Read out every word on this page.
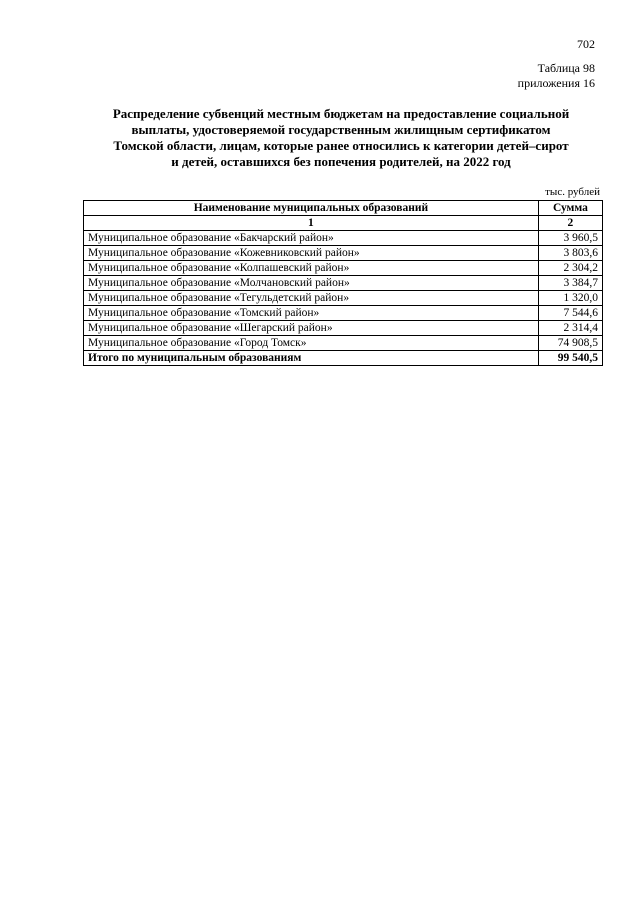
702
Таблица 98
приложения 16
Распределение субвенций местным бюджетам на предоставление социальной
выплаты, удостоверяемой государственным жилищным сертификатом
Томской области, лицам, которые ранее относились к категории детей–сирот
и детей, оставшихся без попечения родителей, на 2022 год
тыс. рублей
Наименование муниципальных образований	Сумма
1	2
Муниципальное образование «Бакчарский район»	3 960,5
Муниципальное образование «Кожевниковский район»	3 803,6
Муниципальное образование «Колпашевский район»	2 304,2
Муниципальное образование «Молчановский район»	3 384,7
Муниципальное образование «Тегульдетский район»	1 320,0
Муниципальное образование «Томский район»	7 544,6
Муниципальное образование «Шегарский район»	2 314,4
Муниципальное образование «Город Томск»	74 908,5
Итого по муниципальным образованиям	99 540,5
